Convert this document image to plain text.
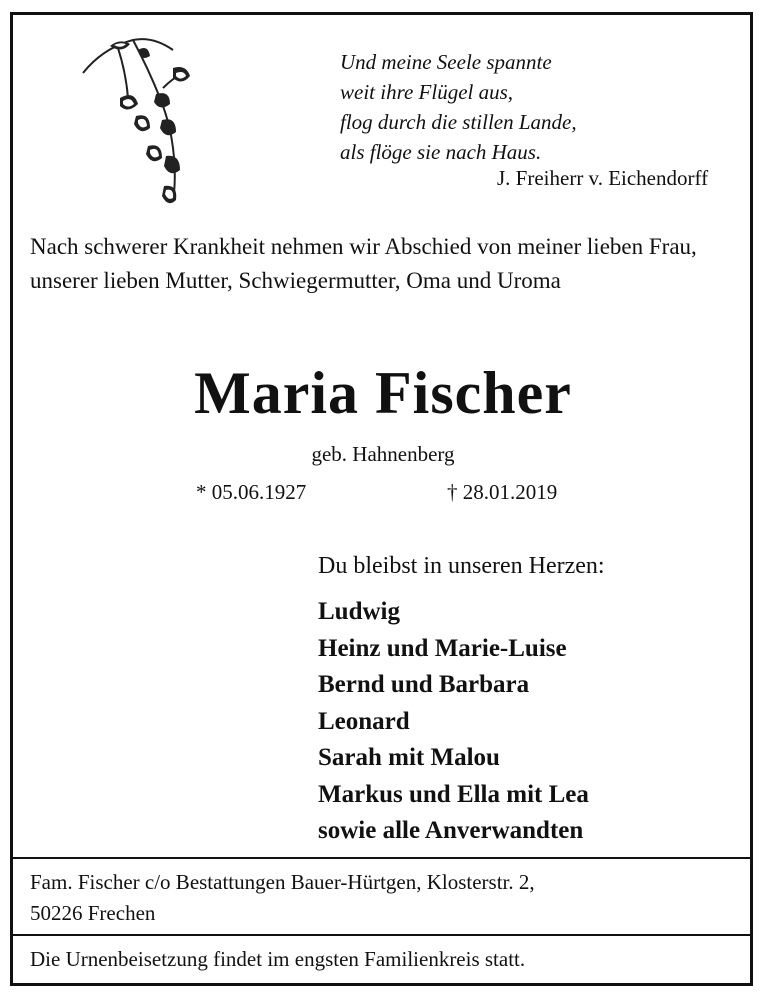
Und meine Seele spannte
weit ihre Flügel aus,
flog durch die stillen Lande,
als flöge sie nach Haus.
J. Freiherr v. Eichendorff
Nach schwerer Krankheit nehmen wir Abschied von meiner lieben Frau, unserer lieben Mutter, Schwiegermutter, Oma und Uroma
Maria Fischer
geb. Hahnenberg
* 05.06.1927	† 28.01.2019
Du bleibst in unseren Herzen:
Ludwig
Heinz und Marie-Luise
Bernd und Barbara
Leonard
Sarah mit Malou
Markus und Ella mit Lea
sowie alle Anverwandten
Fam. Fischer c/o Bestattungen Bauer-Hürtgen, Klosterstr. 2,
50226 Frechen
Die Urnenbeisetzung findet im engsten Familienkreis statt.
